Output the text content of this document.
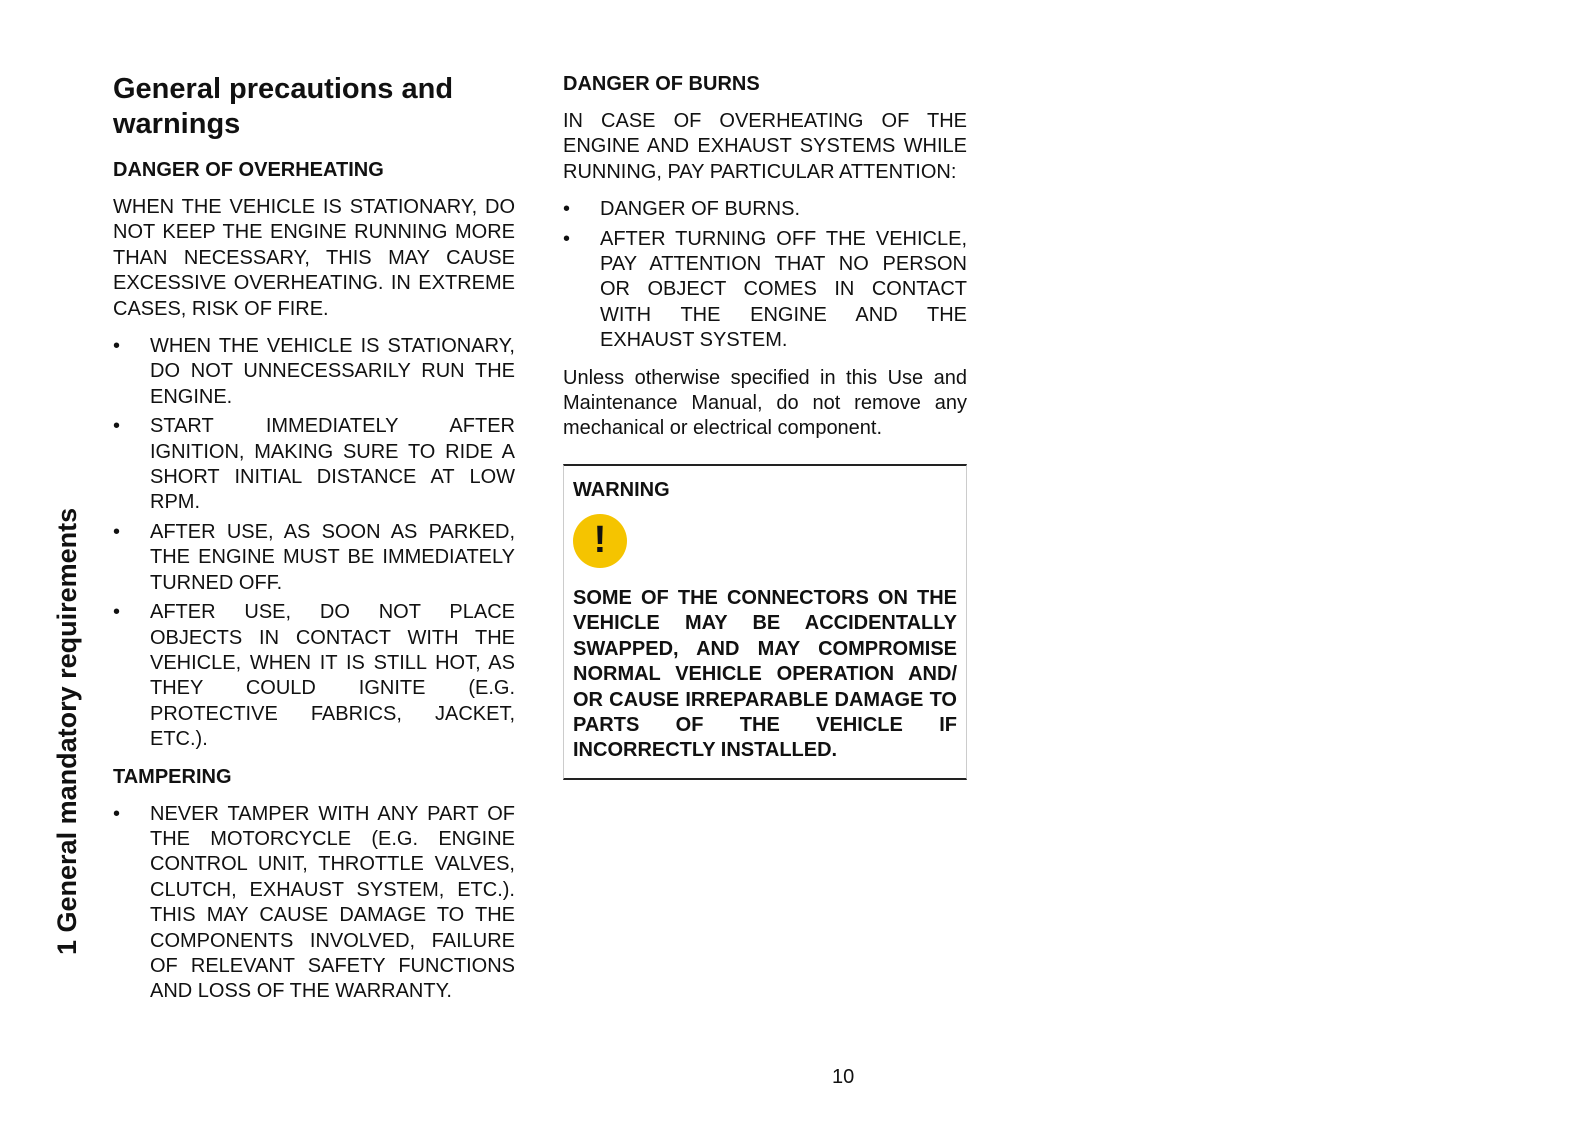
1 General mandatory requirements
General precautions and warnings
DANGER OF OVERHEATING

WHEN THE VEHICLE IS STATIONARY, DO NOT KEEP THE ENGINE RUNNING MORE THAN NECESSARY, THIS MAY CAUSE EXCESSIVE OVERHEATING. IN EXTREME CASES, RISK OF FIRE.

• WHEN THE VEHICLE IS STATIONARY, DO NOT UNNECESSARILY RUN THE ENGINE.
• START IMMEDIATELY AFTER IGNITION, MAKING SURE TO RIDE A SHORT INITIAL DISTANCE AT LOW RPM.
• AFTER USE, AS SOON AS PARKED, THE ENGINE MUST BE IMMEDIATELY TURNED OFF.
• AFTER USE, DO NOT PLACE OBJECTS IN CONTACT WITH THE VEHICLE, WHEN IT IS STILL HOT, AS THEY COULD IGNITE (E.G. PROTECTIVE FABRICS, JACKET, ETC.).
TAMPERING
• NEVER TAMPER WITH ANY PART OF THE MOTORCYCLE (E.G. ENGINE CONTROL UNIT, THROTTLE VALVES, CLUTCH, EXHAUST SYSTEM, ETC.). THIS MAY CAUSE DAMAGE TO THE COMPONENTS INVOLVED, FAILURE OF RELEVANT SAFETY FUNCTIONS AND LOSS OF THE WARRANTY.
DANGER OF BURNS

IN CASE OF OVERHEATING OF THE ENGINE AND EXHAUST SYSTEMS WHILE RUNNING, PAY PARTICULAR ATTENTION:

• DANGER OF BURNS.
• AFTER TURNING OFF THE VEHICLE, PAY ATTENTION THAT NO PERSON OR OBJECT COMES IN CONTACT WITH THE ENGINE AND THE EXHAUST SYSTEM.

Unless otherwise specified in this Use and Maintenance Manual, do not remove any mechanical or electrical component.

WARNING
!

SOME OF THE CONNECTORS ON THE VEHICLE MAY BE ACCIDENTALLY SWAPPED, AND MAY COMPROMISE NORMAL VEHICLE OPERATION AND/ OR CAUSE IRREPARABLE DAMAGE TO PARTS OF THE VEHICLE IF INCORRECTLY INSTALLED.

10
